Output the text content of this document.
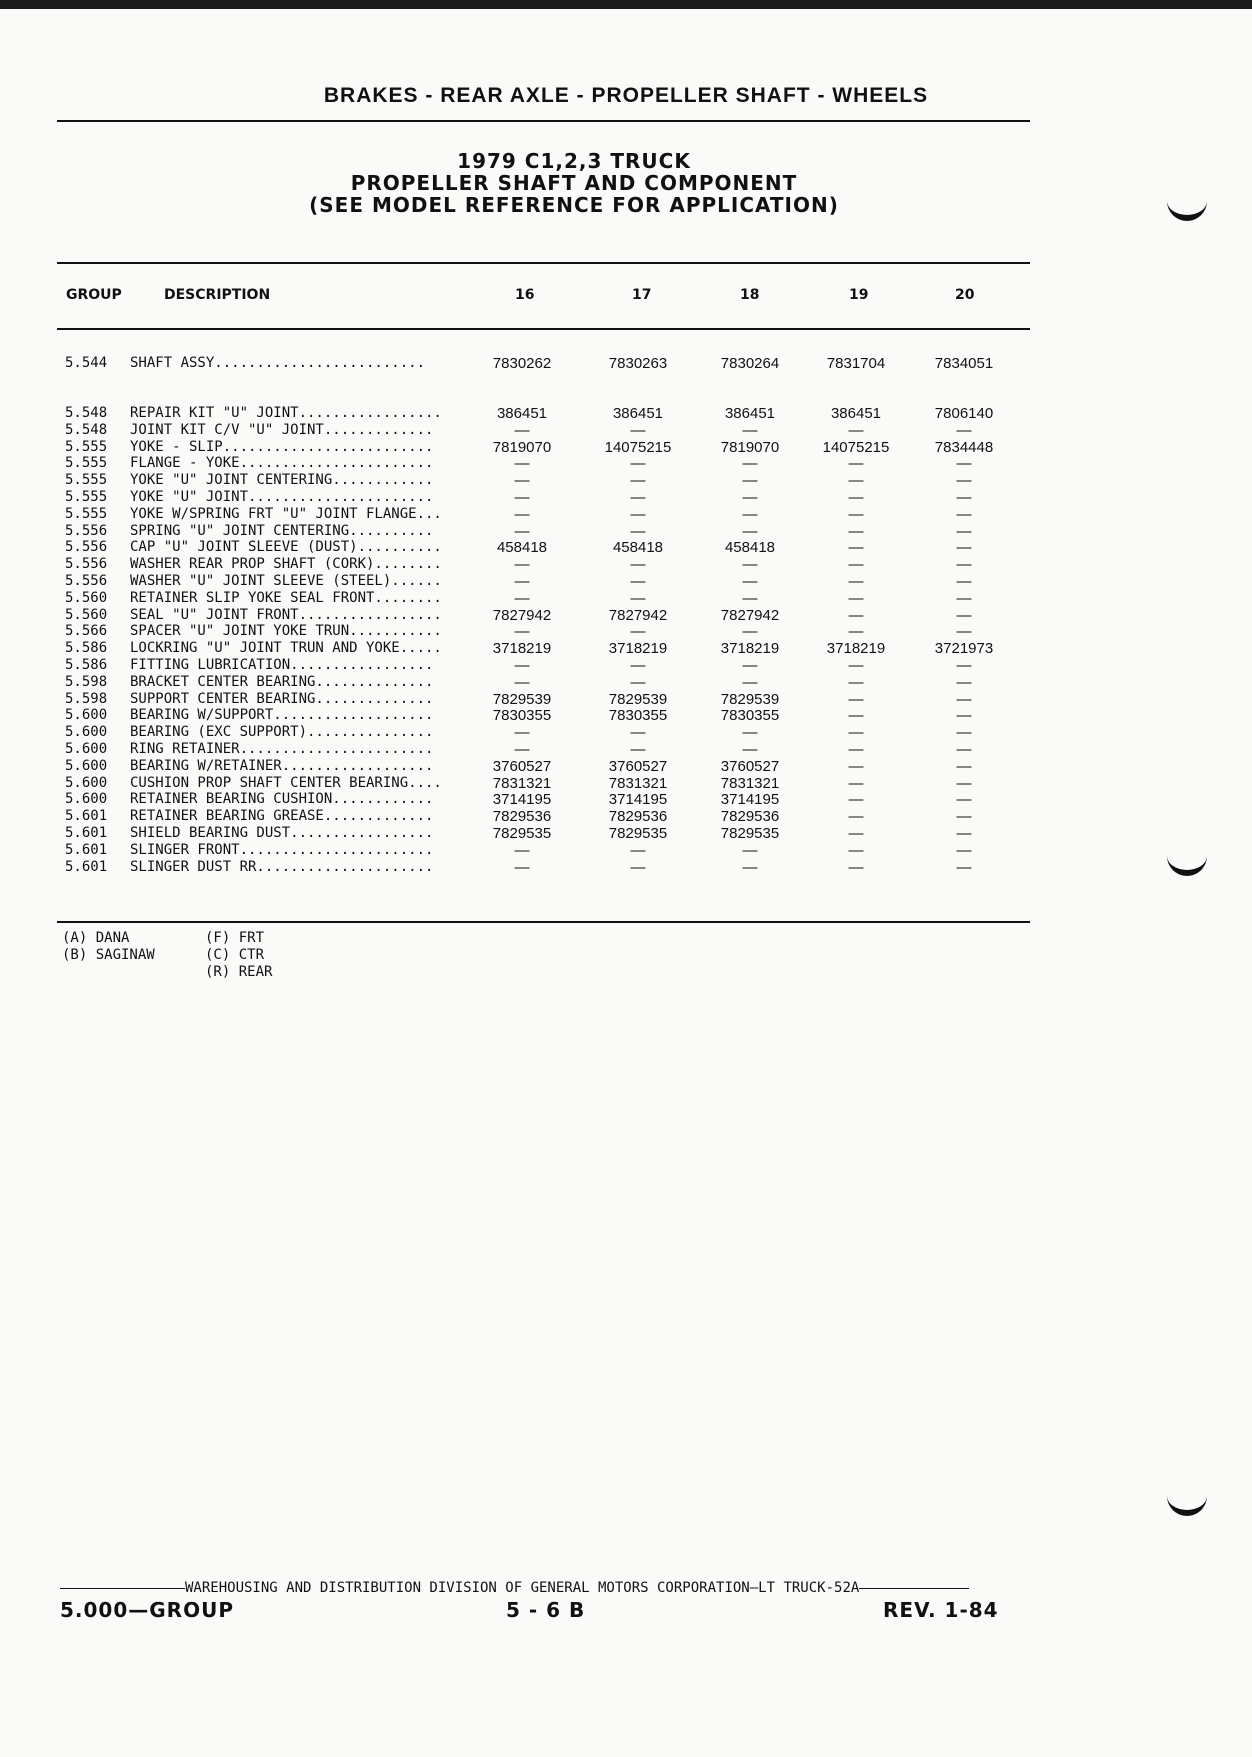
BRAKES - REAR AXLE - PROPELLER SHAFT - WHEELS
1979 C1,2,3 TRUCK
PROPELLER SHAFT AND COMPONENT
(SEE MODEL REFERENCE FOR APPLICATION)
GROUP	DESCRIPTION	16	17	18	19	20
5.544	SHAFT ASSY.........................	7830262	7830263	7830264	7831704	7834051
5.548	REPAIR KIT "U" JOINT.................	386451	386451	386451	386451	7806140
5.548	JOINT KIT C/V "U" JOINT.............	—	—	—	—	—
5.555	YOKE - SLIP.........................	7819070	14075215	7819070	14075215	7834448
5.555	FLANGE - YOKE.......................	—	—	—	—	—
5.555	YOKE "U" JOINT CENTERING............	—	—	—	—	—
5.555	YOKE "U" JOINT......................	—	—	—	—	—
5.555	YOKE W/SPRING FRT "U" JOINT FLANGE...	—	—	—	—	—
5.556	SPRING "U" JOINT CENTERING..........	—	—	—	—	—
5.556	CAP "U" JOINT SLEEVE (DUST)..........	458418	458418	458418	—	—
5.556	WASHER REAR PROP SHAFT (CORK)........	—	—	—	—	—
5.556	WASHER "U" JOINT SLEEVE (STEEL)......	—	—	—	—	—
5.560	RETAINER SLIP YOKE SEAL FRONT........	—	—	—	—	—
5.560	SEAL "U" JOINT FRONT.................	7827942	7827942	7827942	—	—
5.566	SPACER "U" JOINT YOKE TRUN...........	—	—	—	—	—
5.586	LOCKRING "U" JOINT TRUN AND YOKE.....	3718219	3718219	3718219	3718219	3721973
5.586	FITTING LUBRICATION.................	—	—	—	—	—
5.598	BRACKET CENTER BEARING..............	—	—	—	—	—
5.598	SUPPORT CENTER BEARING..............	7829539	7829539	7829539	—	—
5.600	BEARING W/SUPPORT...................	7830355	7830355	7830355	—	—
5.600	BEARING (EXC SUPPORT)...............	—	—	—	—	—
5.600	RING RETAINER.......................	—	—	—	—	—
5.600	BEARING W/RETAINER..................	3760527	3760527	3760527	—	—
5.600	CUSHION PROP SHAFT CENTER BEARING....	7831321	7831321	7831321	—	—
5.600	RETAINER BEARING CUSHION............	3714195	3714195	3714195	—	—
5.601	RETAINER BEARING GREASE.............	7829536	7829536	7829536	—	—
5.601	SHIELD BEARING DUST.................	7829535	7829535	7829535	—	—
5.601	SLINGER FRONT.......................	—	—	—	—	—
5.601	SLINGER DUST RR.....................	—	—	—	—	—
(A) DANA
(B) SAGINAW
(F) FRT
(C) CTR
(R) REAR
WAREHOUSING AND DISTRIBUTION DIVISION OF GENERAL MOTORS CORPORATION—LT TRUCK-52A
5.000—GROUP	5 - 6 B	REV. 1-84
